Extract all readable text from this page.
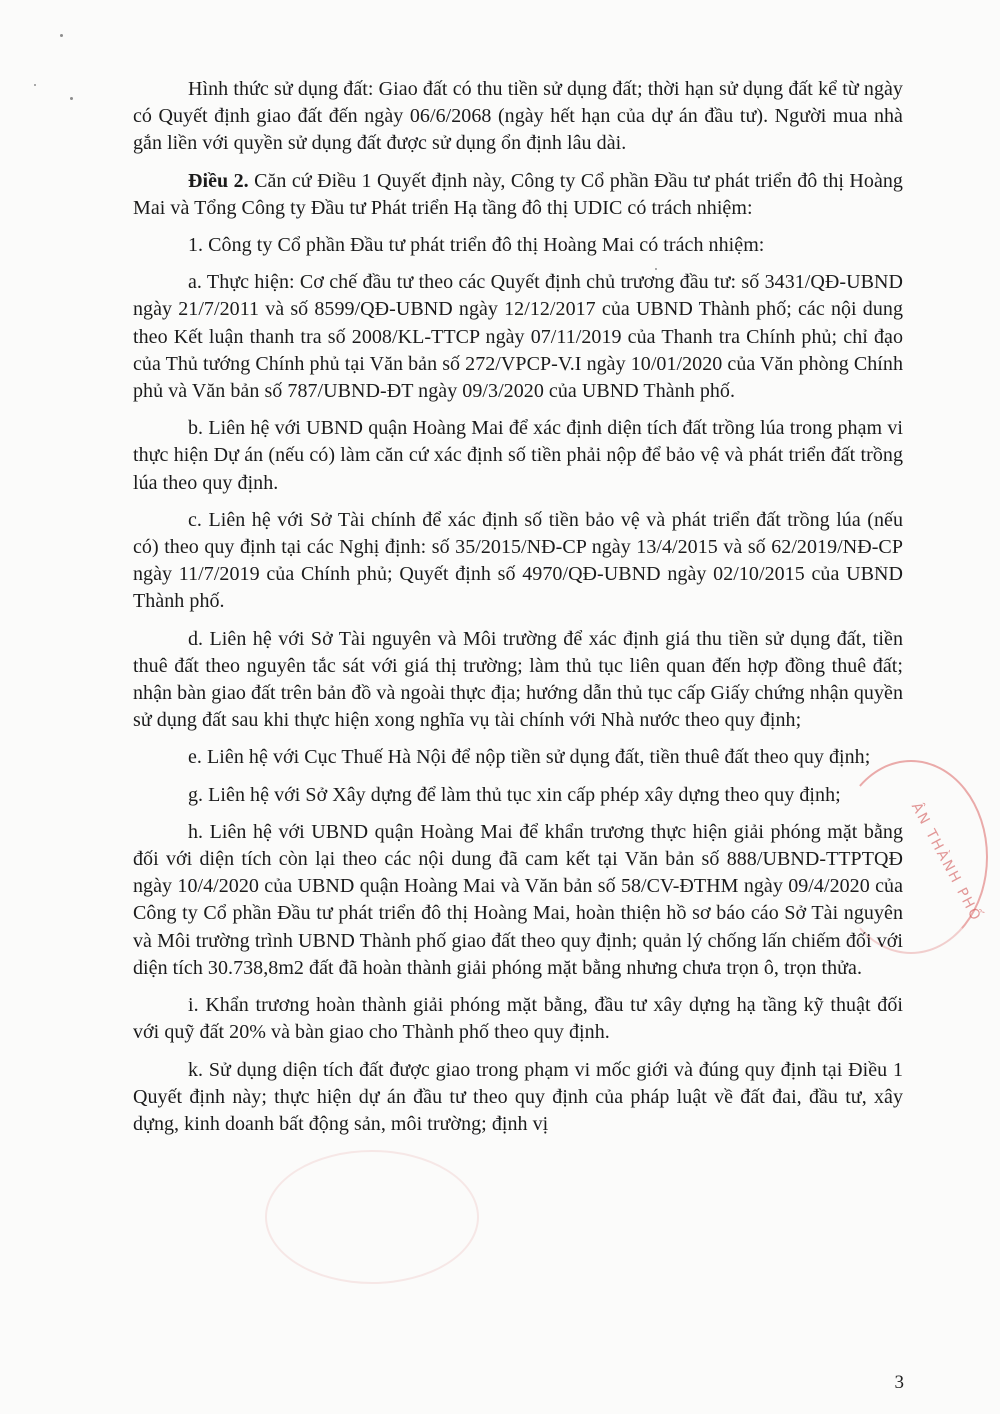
ÂN THÀNH PHỐ

Hình thức sử dụng đất: Giao đất có thu tiền sử dụng đất; thời hạn sử dụng đất kể từ ngày có Quyết định giao đất đến ngày 06/6/2068 (ngày hết hạn của dự án đầu tư). Người mua nhà gắn liền với quyền sử dụng đất được sử dụng ổn định lâu dài.

Điều 2. Căn cứ Điều 1 Quyết định này, Công ty Cổ phần Đầu tư phát triển đô thị Hoàng Mai và Tổng Công ty Đầu tư Phát triển Hạ tầng đô thị UDIC có trách nhiệm:

1. Công ty Cổ phần Đầu tư phát triển đô thị Hoàng Mai có trách nhiệm:

a. Thực hiện: Cơ chế đầu tư theo các Quyết định chủ trương đầu tư: số 3431/QĐ-UBND ngày 21/7/2011 và số 8599/QĐ-UBND ngày 12/12/2017 của UBND Thành phố; các nội dung theo Kết luận thanh tra số 2008/KL-TTCP ngày 07/11/2019 của Thanh tra Chính phủ; chỉ đạo của Thủ tướng Chính phủ tại Văn bản số 272/VPCP-V.I ngày 10/01/2020 của Văn phòng Chính phủ và Văn bản số 787/UBND-ĐT ngày 09/3/2020 của UBND Thành phố.

b. Liên hệ với UBND quận Hoàng Mai để xác định diện tích đất trồng lúa trong phạm vi thực hiện Dự án (nếu có) làm căn cứ xác định số tiền phải nộp để bảo vệ và phát triển đất trồng lúa theo quy định.

c. Liên hệ với Sở Tài chính để xác định số tiền bảo vệ và phát triển đất trồng lúa (nếu có) theo quy định tại các Nghị định: số 35/2015/NĐ-CP ngày 13/4/2015 và số 62/2019/NĐ-CP ngày 11/7/2019 của Chính phủ; Quyết định số 4970/QĐ-UBND ngày 02/10/2015 của UBND Thành phố.

d. Liên hệ với Sở Tài nguyên và Môi trường để xác định giá thu tiền sử dụng đất, tiền thuê đất theo nguyên tắc sát với giá thị trường; làm thủ tục liên quan đến hợp đồng thuê đất; nhận bàn giao đất trên bản đồ và ngoài thực địa; hướng dẫn thủ tục cấp Giấy chứng nhận quyền sử dụng đất sau khi thực hiện xong nghĩa vụ tài chính với Nhà nước theo quy định;

e. Liên hệ với Cục Thuế Hà Nội để nộp tiền sử dụng đất, tiền thuê đất theo quy định;

g. Liên hệ với Sở Xây dựng để làm thủ tục xin cấp phép xây dựng theo quy định;

h. Liên hệ với UBND quận Hoàng Mai để khẩn trương thực hiện giải phóng mặt bằng đối với diện tích còn lại theo các nội dung đã cam kết tại Văn bản số 888/UBND-TTPTQĐ ngày 10/4/2020 của UBND quận Hoàng Mai và Văn bản số 58/CV-ĐTHM ngày 09/4/2020 của Công ty Cổ phần Đầu tư phát triển đô thị Hoàng Mai, hoàn thiện hồ sơ báo cáo Sở Tài nguyên và Môi trường trình UBND Thành phố giao đất theo quy định; quản lý chống lấn chiếm đối với diện tích 30.738,8m2 đất đã hoàn thành giải phóng mặt bằng nhưng chưa trọn ô, trọn thửa.

i. Khẩn trương hoàn thành giải phóng mặt bằng, đầu tư xây dựng hạ tầng kỹ thuật đối với quỹ đất 20% và bàn giao cho Thành phố theo quy định.

k. Sử dụng diện tích đất được giao trong phạm vi mốc giới và đúng quy định tại Điều 1 Quyết định này; thực hiện dự án đầu tư theo quy định của pháp luật về đất đai, đầu tư, xây dựng, kinh doanh bất động sản, môi trường; định vị

3
